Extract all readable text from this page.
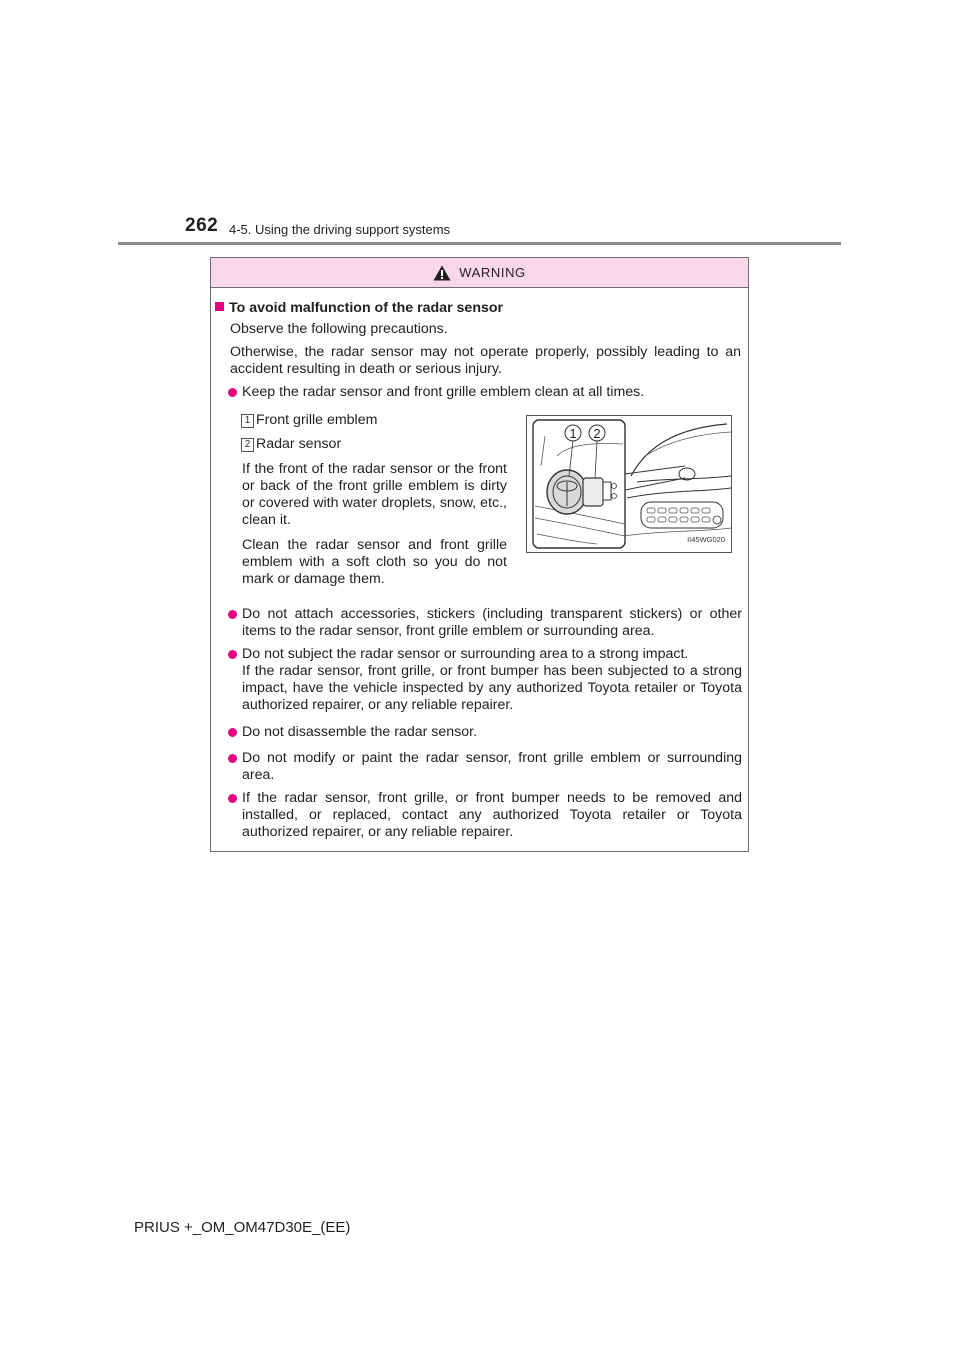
262 4-5. Using the driving support systems
WARNING
To avoid malfunction of the radar sensor
Observe the following precautions.
Otherwise, the radar sensor may not operate properly, possibly leading to an accident resulting in death or serious injury.
Keep the radar sensor and front grille emblem clean at all times.
1 Front grille emblem
2 Radar sensor
If the front of the radar sensor or the front or back of the front grille emblem is dirty or covered with water droplets, snow, etc., clean it.
Clean the radar sensor and front grille emblem with a soft cloth so you do not mark or damage them.
1 2
II45WG020
Do not attach accessories, stickers (including transparent stickers) or other items to the radar sensor, front grille emblem or surrounding area.
Do not subject the radar sensor or surrounding area to a strong impact.
If the radar sensor, front grille, or front bumper has been subjected to a strong impact, have the vehicle inspected by any authorized Toyota retailer or Toyota authorized repairer, or any reliable repairer.
Do not disassemble the radar sensor.
Do not modify or paint the radar sensor, front grille emblem or surrounding area.
If the radar sensor, front grille, or front bumper needs to be removed and installed, or replaced, contact any authorized Toyota retailer or Toyota authorized repairer, or any reliable repairer.
PRIUS +_OM_OM47D30E_(EE)
